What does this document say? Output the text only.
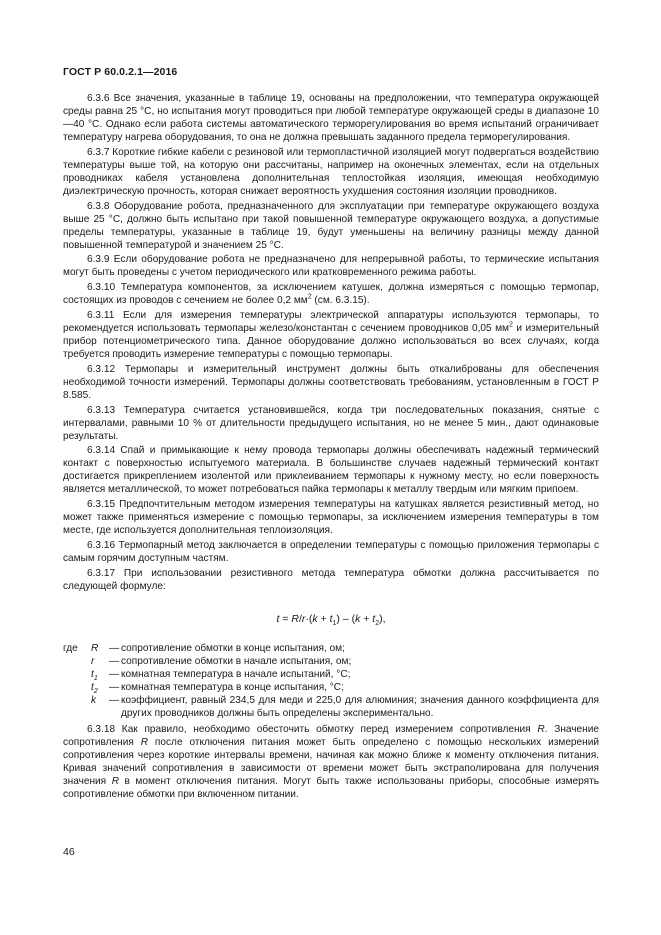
ГОСТ Р 60.0.2.1—2016

6.3.6 Все значения, указанные в таблице 19, основаны на предположении, что температура окружающей среды равна 25 °С, но испытания могут проводиться при любой температуре окружающей среды в диапазоне 10—40 °С. Однако если работа системы автоматического терморегулирования во время испытаний ограничивает температуру нагрева оборудования, то она не должна превышать заданного предела терморегулирования.

6.3.7 Короткие гибкие кабели с резиновой или термопластичной изоляцией могут подвергаться воздействию температуры выше той, на которую они рассчитаны, например на оконечных элементах, если на отдельных проводниках кабеля установлена дополнительная теплостойкая изоляция, имеющая необходимую диэлектрическую прочность, которая снижает вероятность ухудшения состояния изоляции проводников.

6.3.8 Оборудование робота, предназначенного для эксплуатации при температуре окружающего воздуха выше 25 °С, должно быть испытано при такой повышенной температуре окружающего воздуха, а допустимые пределы температуры, указанные в таблице 19, будут уменьшены на величину разницы между данной повышенной температурой и значением 25 °С.

6.3.9 Если оборудование робота не предназначено для непрерывной работы, то термические испытания могут быть проведены с учетом периодического или кратковременного режима работы.

6.3.10 Температура компонентов, за исключением катушек, должна измеряться с помощью термопар, состоящих из проводов с сечением не более 0,2 $мм^2$ (см. 6.3.15).

6.3.11 Если для измерения температуры электрической аппаратуры используются термопары, то рекомендуется использовать термопары железо/константан с сечением проводников 0,05 $мм^2$ и измерительный прибор потенциометрического типа. Данное оборудование должно использоваться во всех случаях, когда требуется проводить измерение температуры с помощью термопары.

6.3.12 Термопары и измерительный инструмент должны быть откалиброваны для обеспечения необходимой точности измерений. Термопары должны соответствовать требованиям, установленным в ГОСТ Р 8.585.

6.3.13 Температура считается установившейся, когда три последовательных показания, снятые с интервалами, равными 10 % от длительности предыдущего испытания, но не менее 5 мин., дают одинаковые результаты.

6.3.14 Спай и примыкающие к нему провода термопары должны обеспечивать надежный термический контакт с поверхностью испытуемого материала. В большинстве случаев надежный термический контакт достигается прикреплением изолентой или приклеиванием термопары к нужному месту, но если поверхность является металлической, то может потребоваться пайка термопары к металлу твердым или мягким припоем.

6.3.15 Предпочтительным методом измерения температуры на катушках является резистивный метод, но может также применяться измерение с помощью термопары, за исключением измерения температуры в том месте, где используется дополнительная теплоизоляция.

6.3.16 Термопарный метод заключается в определении температуры с помощью приложения термопары с самым горячим доступным частям.

6.3.17 При использовании резистивного метода температура обмотки должна рассчитывается по следующей формуле:

$t = R/r\cdot(k + t_1) - (k + t_2)$,
где	R	— сопротивление обмотки в конце испытания, ом;
r	— сопротивление обмотки в начале испытания, ом;
$t_1$	— комнатная температура в начале испытаний, °С;
$t_2$	— комнатная температура в конце испытания, °С;
k	— коэффициент, равный 234,5 для меди и 225,0 для алюминия; значения данного коэффициента для других проводников должны быть определены экспериментально.

6.3.18 Как правило, необходимо обесточить обмотку перед измерением сопротивления R. Значение сопротивления R после отключения питания может быть определено с помощью нескольких измерений сопротивления через короткие интервалы времени, начиная как можно ближе к моменту отключения питания. Кривая значений сопротивления в зависимости от времени может быть экстраполирована для получения значения R в момент отключения питания. Могут быть также использованы приборы, способные измерять сопротивление обмотки при включенном питании.

46
